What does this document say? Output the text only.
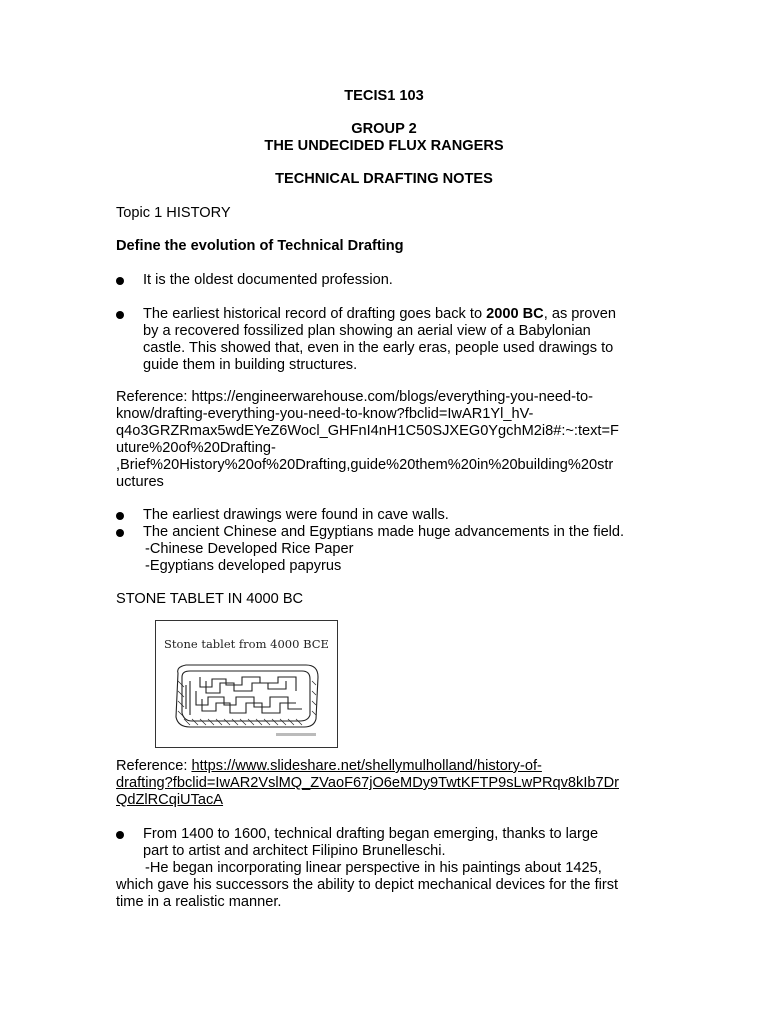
TECIS1 103
GROUP 2
THE UNDECIDED FLUX RANGERS
TECHNICAL DRAFTING NOTES
Topic 1 HISTORY
Define the evolution of Technical Drafting
It is the oldest documented profession.
The earliest historical record of drafting goes back to 2000 BC, as proven
by a recovered fossilized plan showing an aerial view of a Babylonian
castle. This showed that, even in the early eras, people used drawings to
guide them in building structures.
Reference: https://engineerwarehouse.com/blogs/everything-you-need-to-
know/drafting-everything-you-need-to-know?fbclid=IwAR1Yl_hV-
q4o3GRZRmax5wdEYeZ6Wocl_GHFnI4nH1C50SJXEG0YgchM2i8#:~:text=F
uture%20of%20Drafting-
,Brief%20History%20of%20Drafting,guide%20them%20in%20building%20str
uctures
The earliest drawings were found in cave walls.
The ancient Chinese and Egyptians made huge advancements in the field.
-Chinese Developed Rice Paper
-Egyptians developed papyrus
STONE TABLET IN 4000 BC
Stone tablet from 4000 BCE
Reference: https://www.slideshare.net/shellymulholland/history-of-
drafting?fbclid=IwAR2VslMQ_ZVaoF67jO6eMDy9TwtKFTP9sLwPRqv8kIb7Dr
QdZlRCqiUTacA
From 1400 to 1600, technical drafting began emerging, thanks to large
part to artist and architect Filipino Brunelleschi.
-He began incorporating linear perspective in his paintings about 1425,
which gave his successors the ability to depict mechanical devices for the first
time in a realistic manner.
